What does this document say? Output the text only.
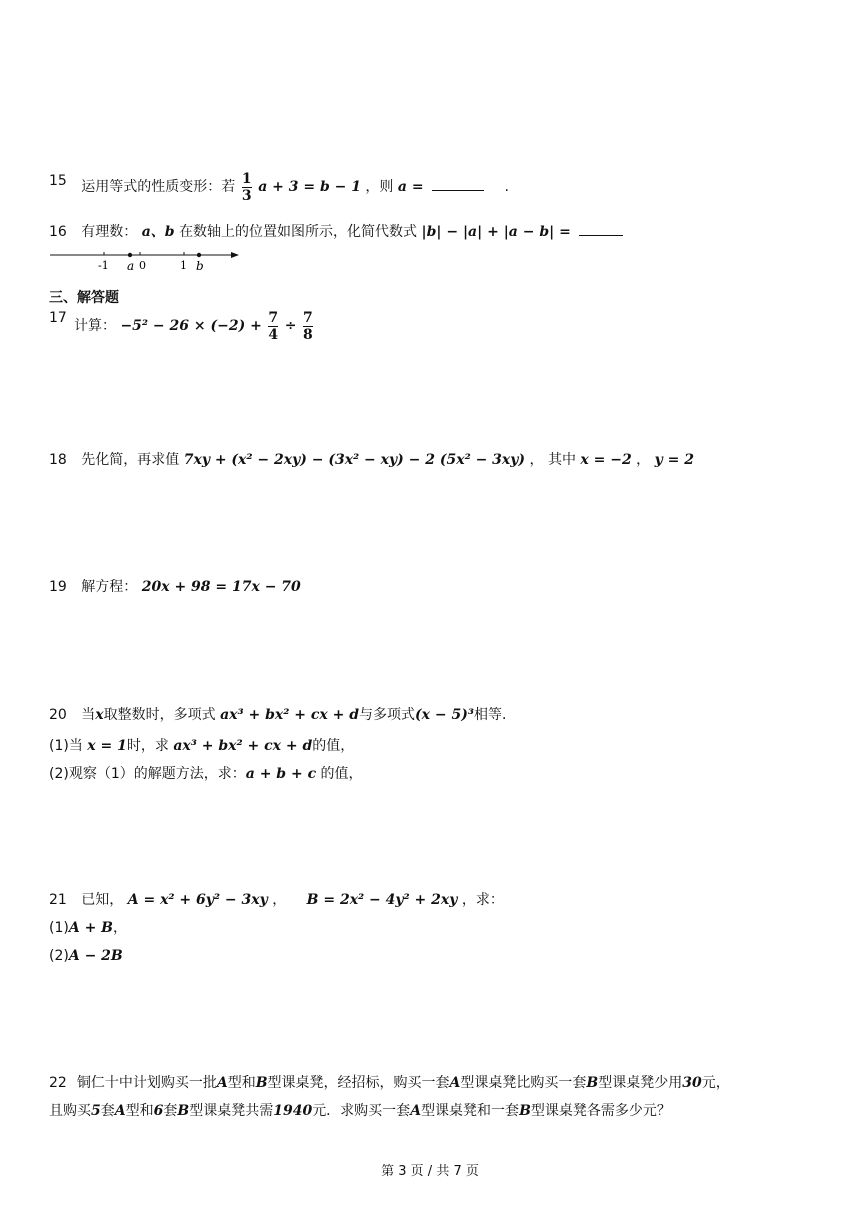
15 运用等式的性质变形：若 $\frac{1}{3}$ a + 3 = b − 1 ，则 a =	.
16 有理数： a、b 在数轴上的位置如图所示，化简代数式 |b| − |a| + |a − b| =
-1 a 0	1 b
三、解答题
17 计算： $-5^2 - 26 \times (-2) + \frac{7}{4} \div \frac{7}{8}$
18 先化简，再求值 7xy + (x² − 2xy) − (3x² − xy) − 2 (5x² − 3xy) ， 其中 x = −2 ， y = 2
19 解方程： 20x + 98 = 17x − 70
20 当x取整数时，多项式 ax³ + bx² + cx + d与多项式(x − 5)³相等．
(1)当 x = 1时，求 ax³ + bx² + cx + d的值，
(2)观察（1）的解题方法，求：a + b + c 的值，
21 已知， A = x² + 6y² − 3xy ， B = 2x² − 4y² + 2xy ，求：
(1)A + B，
(2)A − 2B
22 铜仁十中计划购买一批A型和B型课桌凳，经招标，购买一套A型课桌凳比购买一套B型课桌凳少用30元，
且购买5套A型和6套B型课桌凳共需1940元．求购买一套A型课桌凳和一套B型课桌凳各需多少元？
第 3 页 / 共 7 页
